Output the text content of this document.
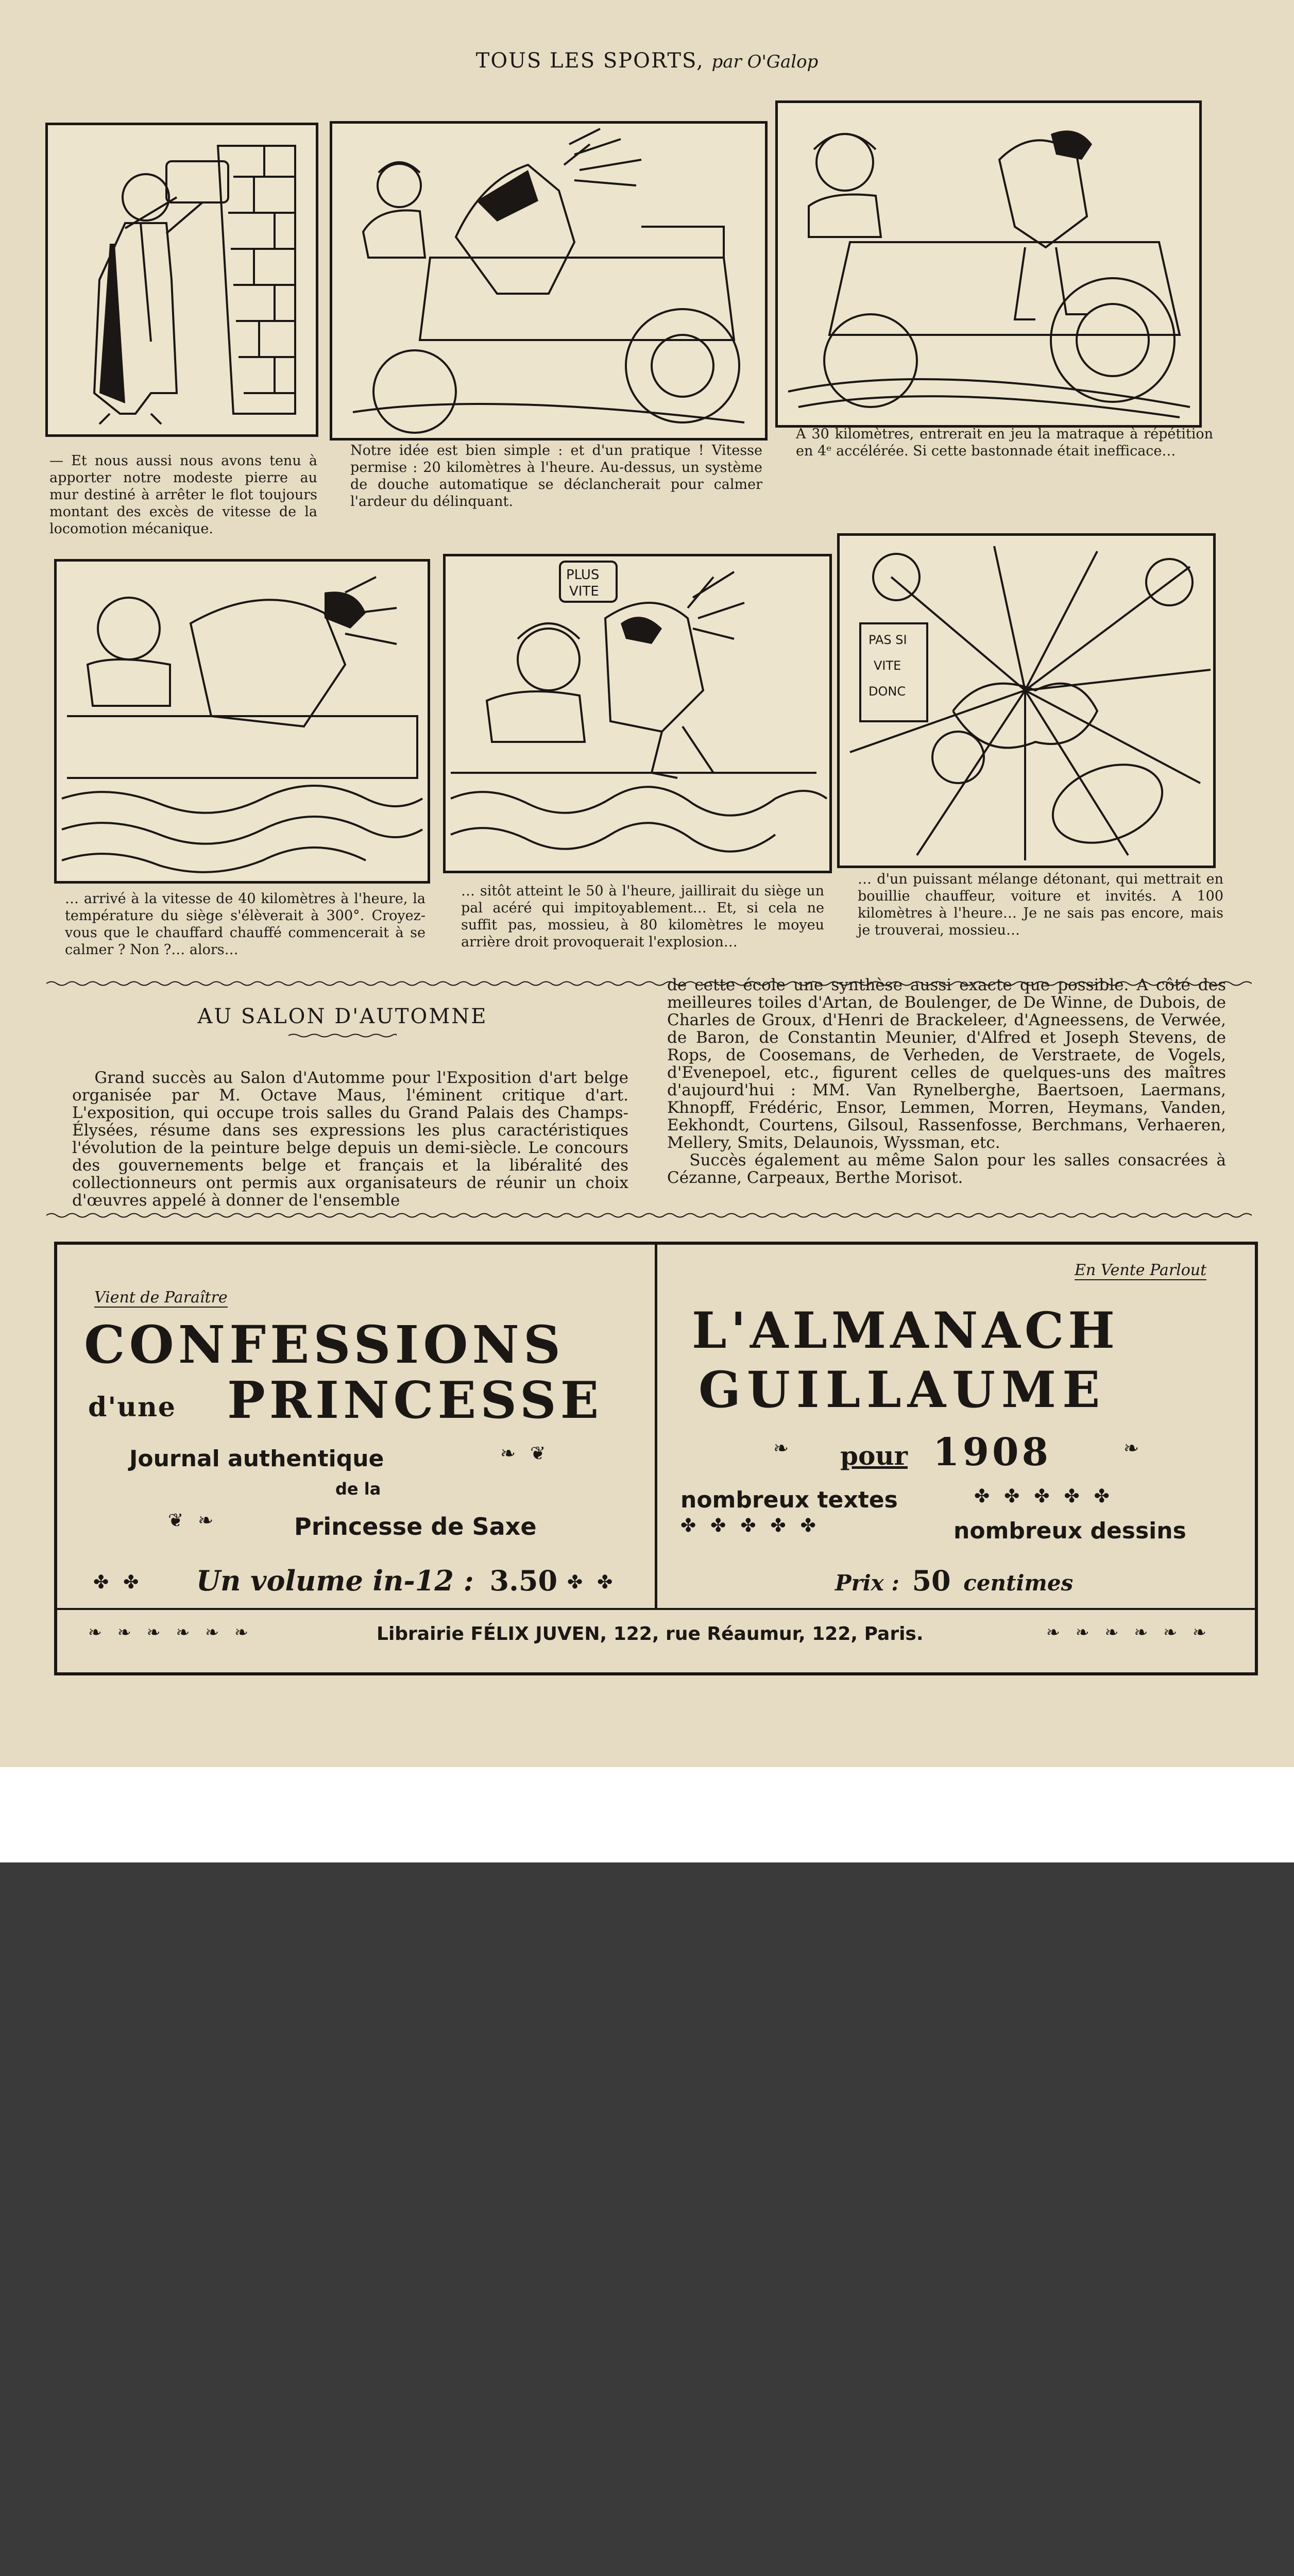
TOUS LES SPORTS, par O'Galop
— Et nous aussi nous avons tenu à apporter notre modeste pierre au mur destiné à arrêter le flot toujours montant des excès de vitesse de la locomotion mécanique.
Notre idée est bien simple : et d'un pratique ! Vitesse permise : 20 kilomètres à l'heure. Au-dessus, un système de douche automatique se déclancherait pour calmer l'ardeur du délinquant.
A 30 kilomètres, entrerait en jeu la matraque à répétition en 4ᵉ accélérée. Si cette bastonnade était inefficace…
PLUS
VITE
PAS SI
VITE
DONC
… arrivé à la vitesse de 40 kilomètres à l'heure, la température du siège s'élèverait à 300°. Croyez-vous que le chauffard chauffé commencerait à se calmer ? Non ?… alors…
… sitôt atteint le 50 à l'heure, jaillirait du siège un pal acéré qui impitoyablement… Et, si cela ne suffit pas, mossieu, à 80 kilomètres le moyeu arrière droit provoquerait l'explosion…
… d'un puissant mélange détonant, qui mettrait en bouillie chauffeur, voiture et invités. A 100 kilomètres à l'heure… Je ne sais pas encore, mais je trouverai, mossieu…
AU SALON D'AUTOMNE

Grand succès au Salon d'Automme pour l'Exposition d'art belge organisée par M. Octave Maus, l'éminent critique d'art. L'exposition, qui occupe trois salles du Grand Palais des Champs-Élysées, résume dans ses expressions les plus caractéristiques l'évolution de la peinture belge depuis un demi-siècle. Le concours des gouvernements belge et français et la libéralité des collectionneurs ont permis aux organisateurs de réunir un choix d'œuvres appelé à donner de l'ensemble

de cette école une synthèse aussi exacte que possible. A côté des meilleures toiles d'Artan, de Boulenger, de De Winne, de Dubois, de Charles de Groux, d'Henri de Brackeleer, d'Agneessens, de Verwée, de Baron, de Constantin Meunier, d'Alfred et Joseph Stevens, de Rops, de Coosemans, de Verheden, de Verstraete, de Vogels, d'Evenepoel, etc., figurent celles de quelques-uns des maîtres d'aujourd'hui : MM. Van Rynelberghe, Baertsoen, Laermans, Khnopff, Frédéric, Ensor, Lemmen, Morren, Heymans, Vanden, Eekhondt, Courtens, Gilsoul, Rassenfosse, Berchmans, Verhaeren, Mellery, Smits, Delaunois, Wyssman, etc.

Succès également au même Salon pour les salles consacrées à Cézanne, Carpeaux, Berthe Morisot.

Vient de Paraître
CONFESSIONS
d'une PRINCESSE
Journal authentique	❧❦
de la
❦❧	Princesse de Saxe
✤✤ Un volume in-12 : 3.50 ✤✤
En Vente Parlout
L'ALMANACH
GUILLAUME
❧ pour 1908	❧
nombreux textes	✤✤✤✤✤
✤✤✤✤✤	nombreux dessins
Prix : 50 centimes
❧❧❧❧❧❧	Librairie FÉLIX JUVEN, 122, rue Réaumur, 122, Paris.	❧❧❧❧❧❧
